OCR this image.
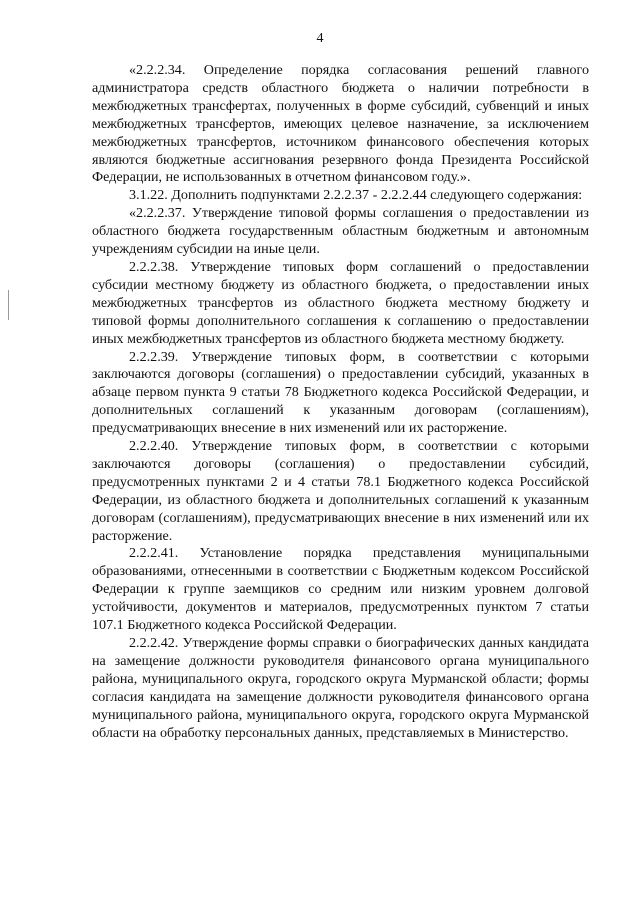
4

«2.2.2.34. Определение порядка согласования решений главного администратора средств областного бюджета о наличии потребности в межбюджетных трансфертах, полученных в форме субсидий, субвенций и иных межбюджетных трансфертов, имеющих целевое назначение, за исключением межбюджетных трансфертов, источником финансового обеспечения которых являются бюджетные ассигнования резервного фонда Президента Российской Федерации, не использованных в отчетном финансовом году.».

3.1.22. Дополнить подпунктами 2.2.2.37 - 2.2.2.44 следующего содержания:

«2.2.2.37. Утверждение типовой формы соглашения о предоставлении из областного бюджета государственным областным бюджетным и автономным учреждениям субсидии на иные цели.

2.2.2.38. Утверждение типовых форм соглашений о предоставлении субсидии местному бюджету из областного бюджета, о предоставлении иных межбюджетных трансфертов из областного бюджета местному бюджету и типовой формы дополнительного соглашения к соглашению о предоставлении иных межбюджетных трансфертов из областного бюджета местному бюджету.

2.2.2.39. Утверждение типовых форм, в соответствии с которыми заключаются договоры (соглашения) о предоставлении субсидий, указанных в абзаце первом пункта 9 статьи 78 Бюджетного кодекса Российской Федерации, и дополнительных соглашений к указанным договорам (соглашениям), предусматривающих внесение в них изменений или их расторжение.

2.2.2.40. Утверждение типовых форм, в соответствии с которыми заключаются договоры (соглашения) о предоставлении субсидий, предусмотренных пунктами 2 и 4 статьи 78.1 Бюджетного кодекса Российской Федерации, из областного бюджета и дополнительных соглашений к указанным договорам (соглашениям), предусматривающих внесение в них изменений или их расторжение.

2.2.2.41. Установление порядка представления муниципальными образованиями, отнесенными в соответствии с Бюджетным кодексом Российской Федерации к группе заемщиков со средним или низким уровнем долговой устойчивости, документов и материалов, предусмотренных пунктом 7 статьи 107.1 Бюджетного кодекса Российской Федерации.

2.2.2.42. Утверждение формы справки о биографических данных кандидата на замещение должности руководителя финансового органа муниципального района, муниципального округа, городского округа Мурманской области; формы согласия кандидата на замещение должности руководителя финансового органа муниципального района, муниципального округа, городского округа Мурманской области на обработку персональных данных, представляемых в Министерство.
